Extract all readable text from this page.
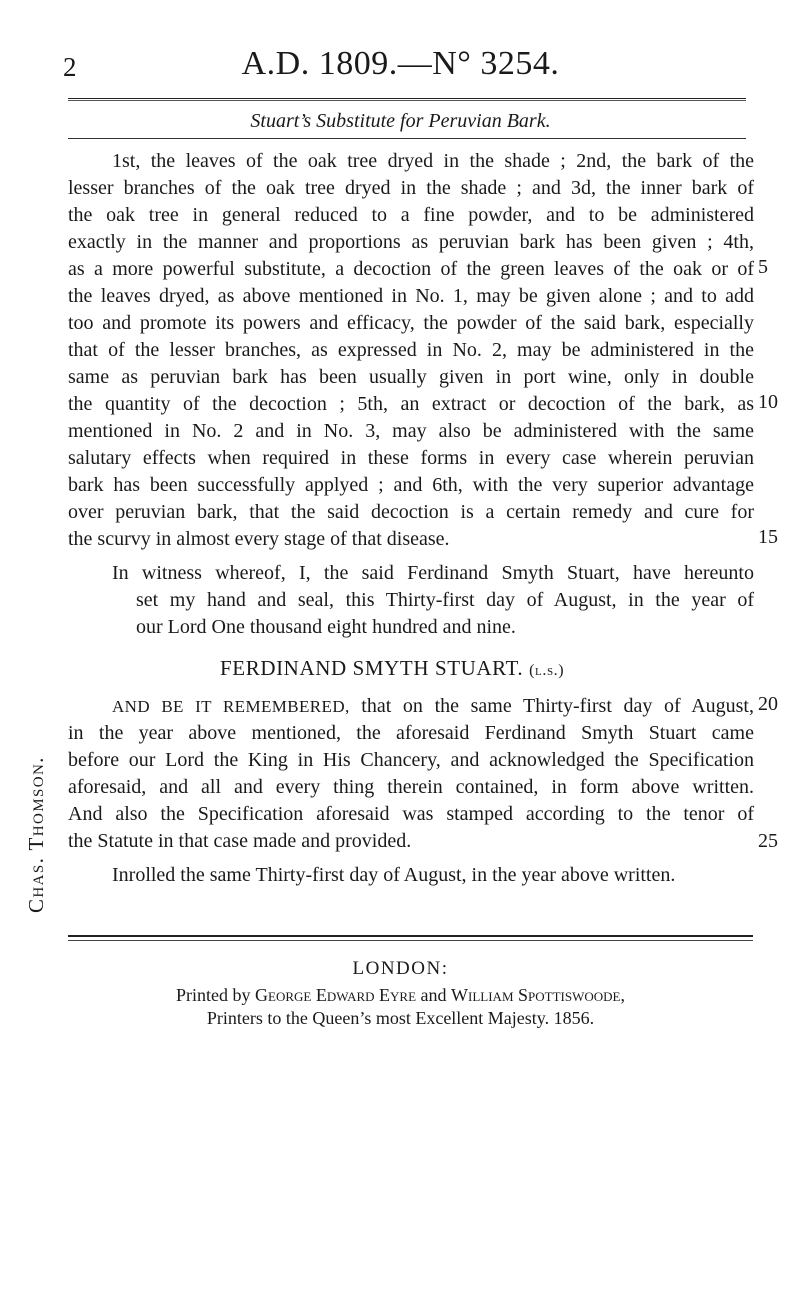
2	A.D. 1809.—N° 3254.
Stuart’s Substitute for Peruvian Bark.
1st, the leaves of the oak tree dryed in the shade ; 2nd, the bark of the
lesser branches of the oak tree dryed in the shade ; and 3d, the inner bark of
the oak tree in general reduced to a fine powder, and to be administered
exactly in the manner and proportions as peruvian bark has been given ; 4th,
as a more powerful substitute, a decoction of the green leaves of the oak or of
the leaves dryed, as above mentioned in No. 1, may be given alone ; and to add
too and promote its powers and efficacy, the powder of the said bark, especially
that of the lesser branches, as expressed in No. 2, may be administered in the
same as peruvian bark has been usually given in port wine, only in double
the quantity of the decoction ; 5th, an extract or decoction of the bark, as
mentioned in No. 2 and in No. 3, may also be administered with the same
salutary effects when required in these forms in every case wherein peruvian
bark has been successfully applyed ; and 6th, with the very superior advantage
over peruvian bark, that the said decoction is a certain remedy and cure for
the scurvy in almost every stage of that disease.
In witness whereof, I, the said Ferdinand Smyth Stuart, have hereunto
set my hand and seal, this Thirty-first day of August, in the year of
our Lord One thousand eight hundred and nine.
FERDINAND SMYTH STUART. (l.s.)
AND BE IT REMEMBERED, that on the same Thirty-first day of August,
in the year above mentioned, the aforesaid Ferdinand Smyth Stuart came
before our Lord the King in His Chancery, and acknowledged the Specification
aforesaid, and all and every thing therein contained, in form above written.
And also the Specification aforesaid was stamped according to the tenor of
the Statute in that case made and provided.
Inrolled the same Thirty-first day of August, in the year above written.
5
10
15
20
25
Chas. Thomson.
LONDON:
Printed by George Edward Eyre and William Spottiswoode,
Printers to the Queen’s most Excellent Majesty. 1856.
